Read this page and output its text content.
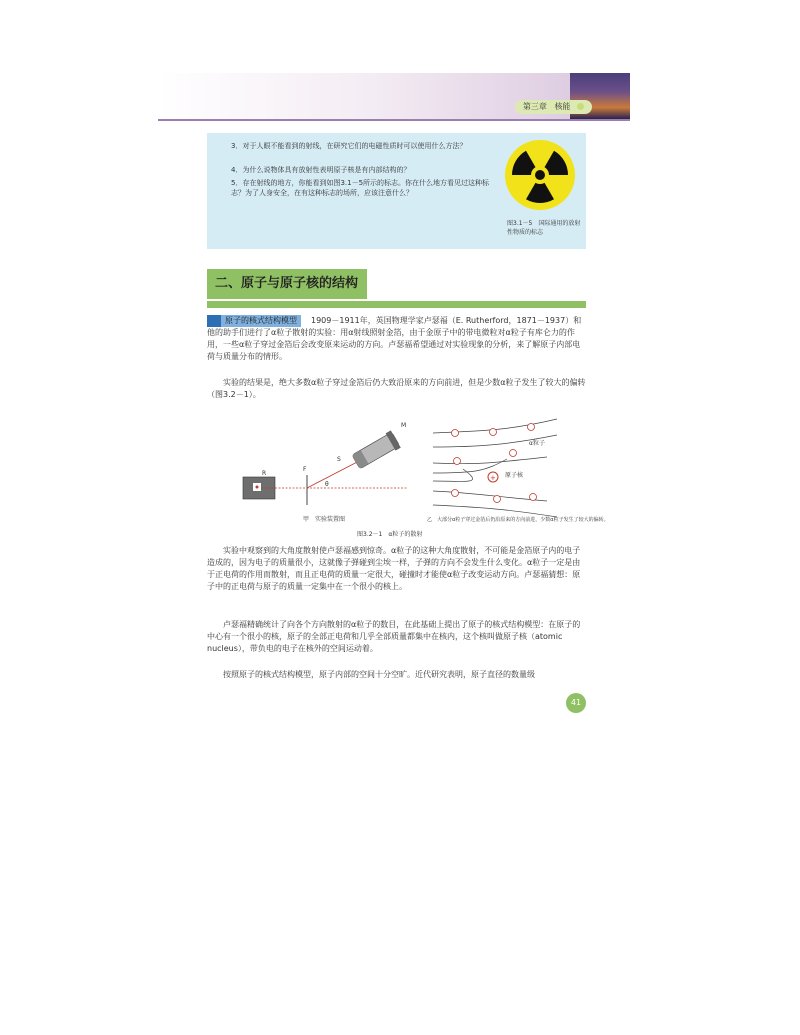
第三章 核能
3．对于人眼不能看到的射线，在研究它们的电磁性质时可以使用什么方法？
4．为什么说物体具有放射性表明原子核是有内部结构的？
5．存在射线的地方，你能看到如图3.1－5所示的标志。你在什么地方看见过这种标志？为了人身安全，在有这种标志的场所，应该注意什么？
图3.1－5　国际通用的放射性物质的标志
二、原子与原子核的结构
原子的核式结构模型 1909－1911年，英国物理学家卢瑟福（E. Rutherford，1871－1937）和他的助手们进行了α粒子散射的实验：用α射线照射金箔，由于金原子中的带电微粒对α粒子有库仑力的作用，一些α粒子穿过金箔后会改变原来运动的方向。卢瑟福希望通过对实验现象的分析，来了解原子内部电荷与质量分布的情形。
实验的结果是，绝大多数α粒子穿过金箔后仍大致沿原来的方向前进，但是少数α粒子发生了较大的偏转（图3.2－1）。
R
F
θ
S
M
甲　实验装置图
+
α粒子
原子核
乙　大部分α粒子穿过金箔后仍沿原来的方向前进，少数α粒子发生了较大的偏转。
图3.2－1　α粒子的散射
实验中观察到的大角度散射使卢瑟福感到惊奇。α粒子的这种大角度散射，不可能是金箔原子内的电子造成的，因为电子的质量很小，这就像子弹碰到尘埃一样，子弹的方向不会发生什么变化。α粒子一定是由于正电荷的作用而散射，而且正电荷的质量一定很大，碰撞时才能使α粒子改变运动方向。卢瑟福猜想：原子中的正电荷与原子的质量一定集中在一个很小的核上。
卢瑟福精确统计了向各个方向散射的α粒子的数目，在此基础上提出了原子的核式结构模型：在原子的中心有一个很小的核，原子的全部正电荷和几乎全部质量都集中在核内，这个核叫做原子核（atomic nucleus），带负电的电子在核外的空间运动着。
按照原子的核式结构模型，原子内部的空间十分空旷。近代研究表明，原子直径的数量级
41
